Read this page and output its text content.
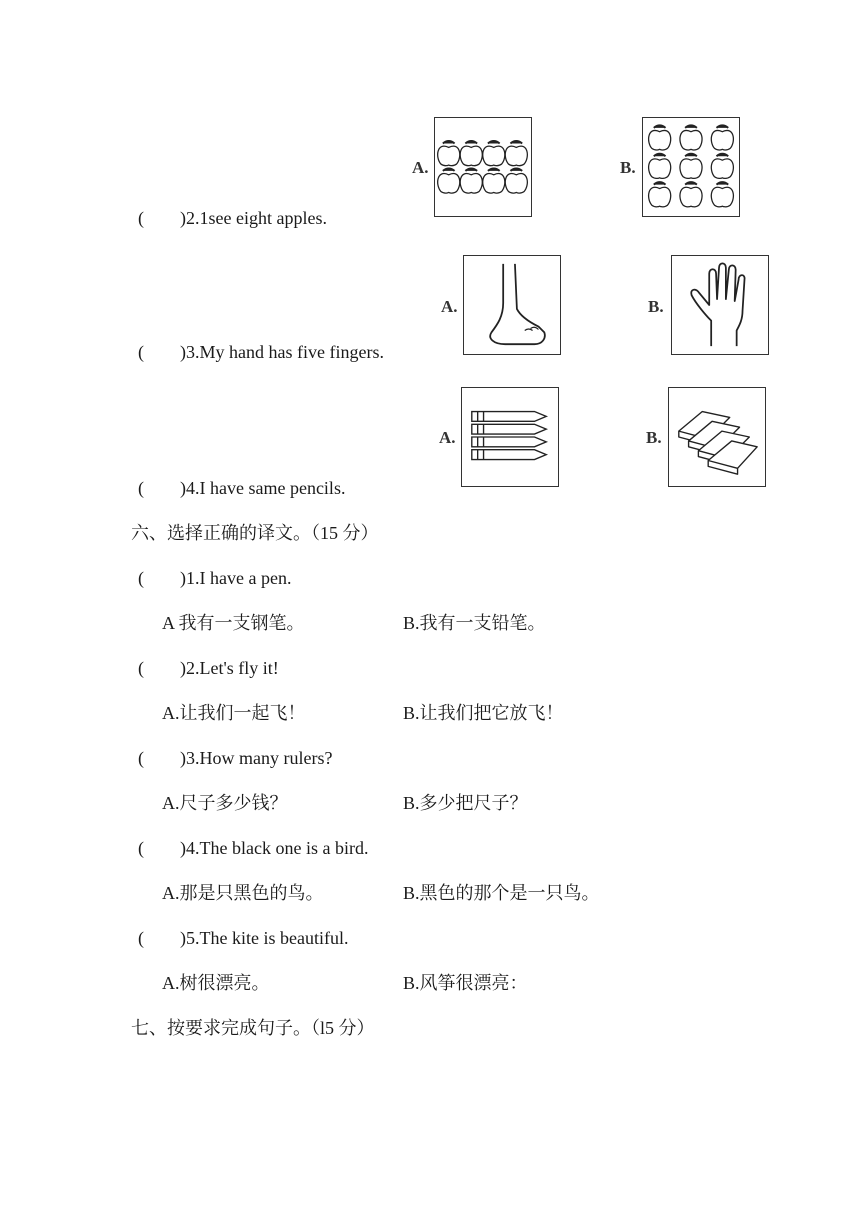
A.	B.
(　　)2.1see eight apples.
A.	B.
(　　)3.My hand has five fingers.
A.	B.
(　　)4.I have same pencils.
六、选择正确的译文。（15 分）
(　　)1.I have a pen.
A 我有一支钢笔。	B.我有一支铅笔。
(　　)2.Let's fly it!
A.让我们一起飞！	B.让我们把它放飞！
(　　)3.How many rulers?
A.尺子多少钱？	B.多少把尺子？
(　　)4.The black one is a bird.
A.那是只黑色的鸟。	B.黑色的那个是一只鸟。
(　　)5.The kite is beautiful.
A.树很漂亮。	B.风筝很漂亮：
七、按要求完成句子。（l5 分）
